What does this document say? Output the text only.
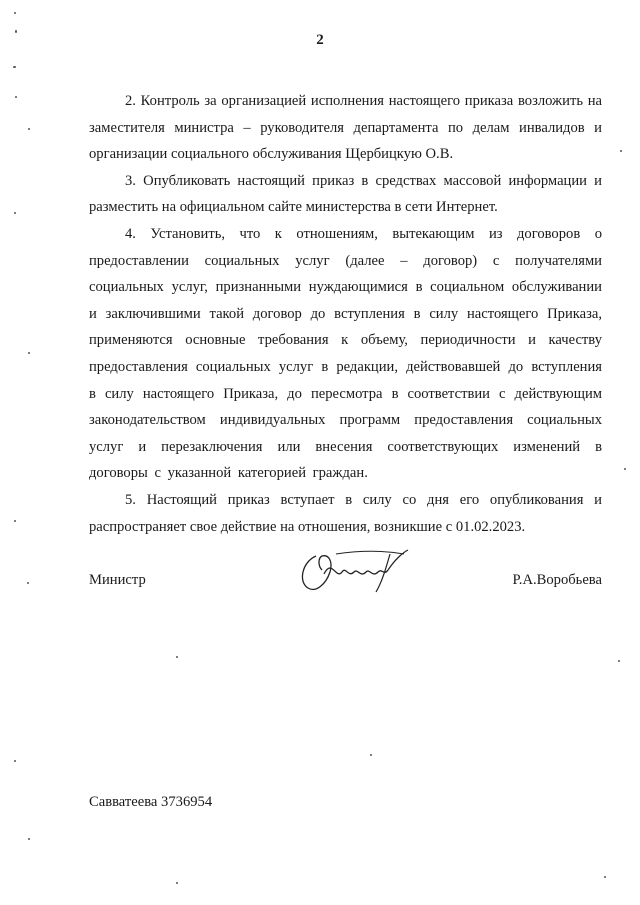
2

2. Контроль за организацией исполнения настоящего приказа возложить на заместителя министра – руководителя департамента по делам инвалидов и организации социального обслуживания Щербицкую О.В.

3. Опубликовать настоящий приказ в средствах массовой информации и разместить на официальном сайте министерства в сети Интернет.

4. Установить, что к отношениям, вытекающим из договоров о предоставлении социальных услуг (далее – договор) с получателями социальных услуг, признанными нуждающимися в социальном обслуживании и заключившими такой договор до вступления в силу настоящего Приказа, применяются основные требования к объему, периодичности и качеству предоставления социальных услуг в редакции, действовавшей до вступления в силу настоящего Приказа, до пересмотра в соответствии с действующим законодательством индивидуальных программ предоставления социальных услуг и перезаключения или внесения соответствующих изменений в договоры с указанной категорией граждан.

5. Настоящий приказ вступает в силу со дня его опубликования и распространяет свое действие на отношения, возникшие с 01.02.2023.

Министр	Р.А.Воробьева
Савватеева 3736954
